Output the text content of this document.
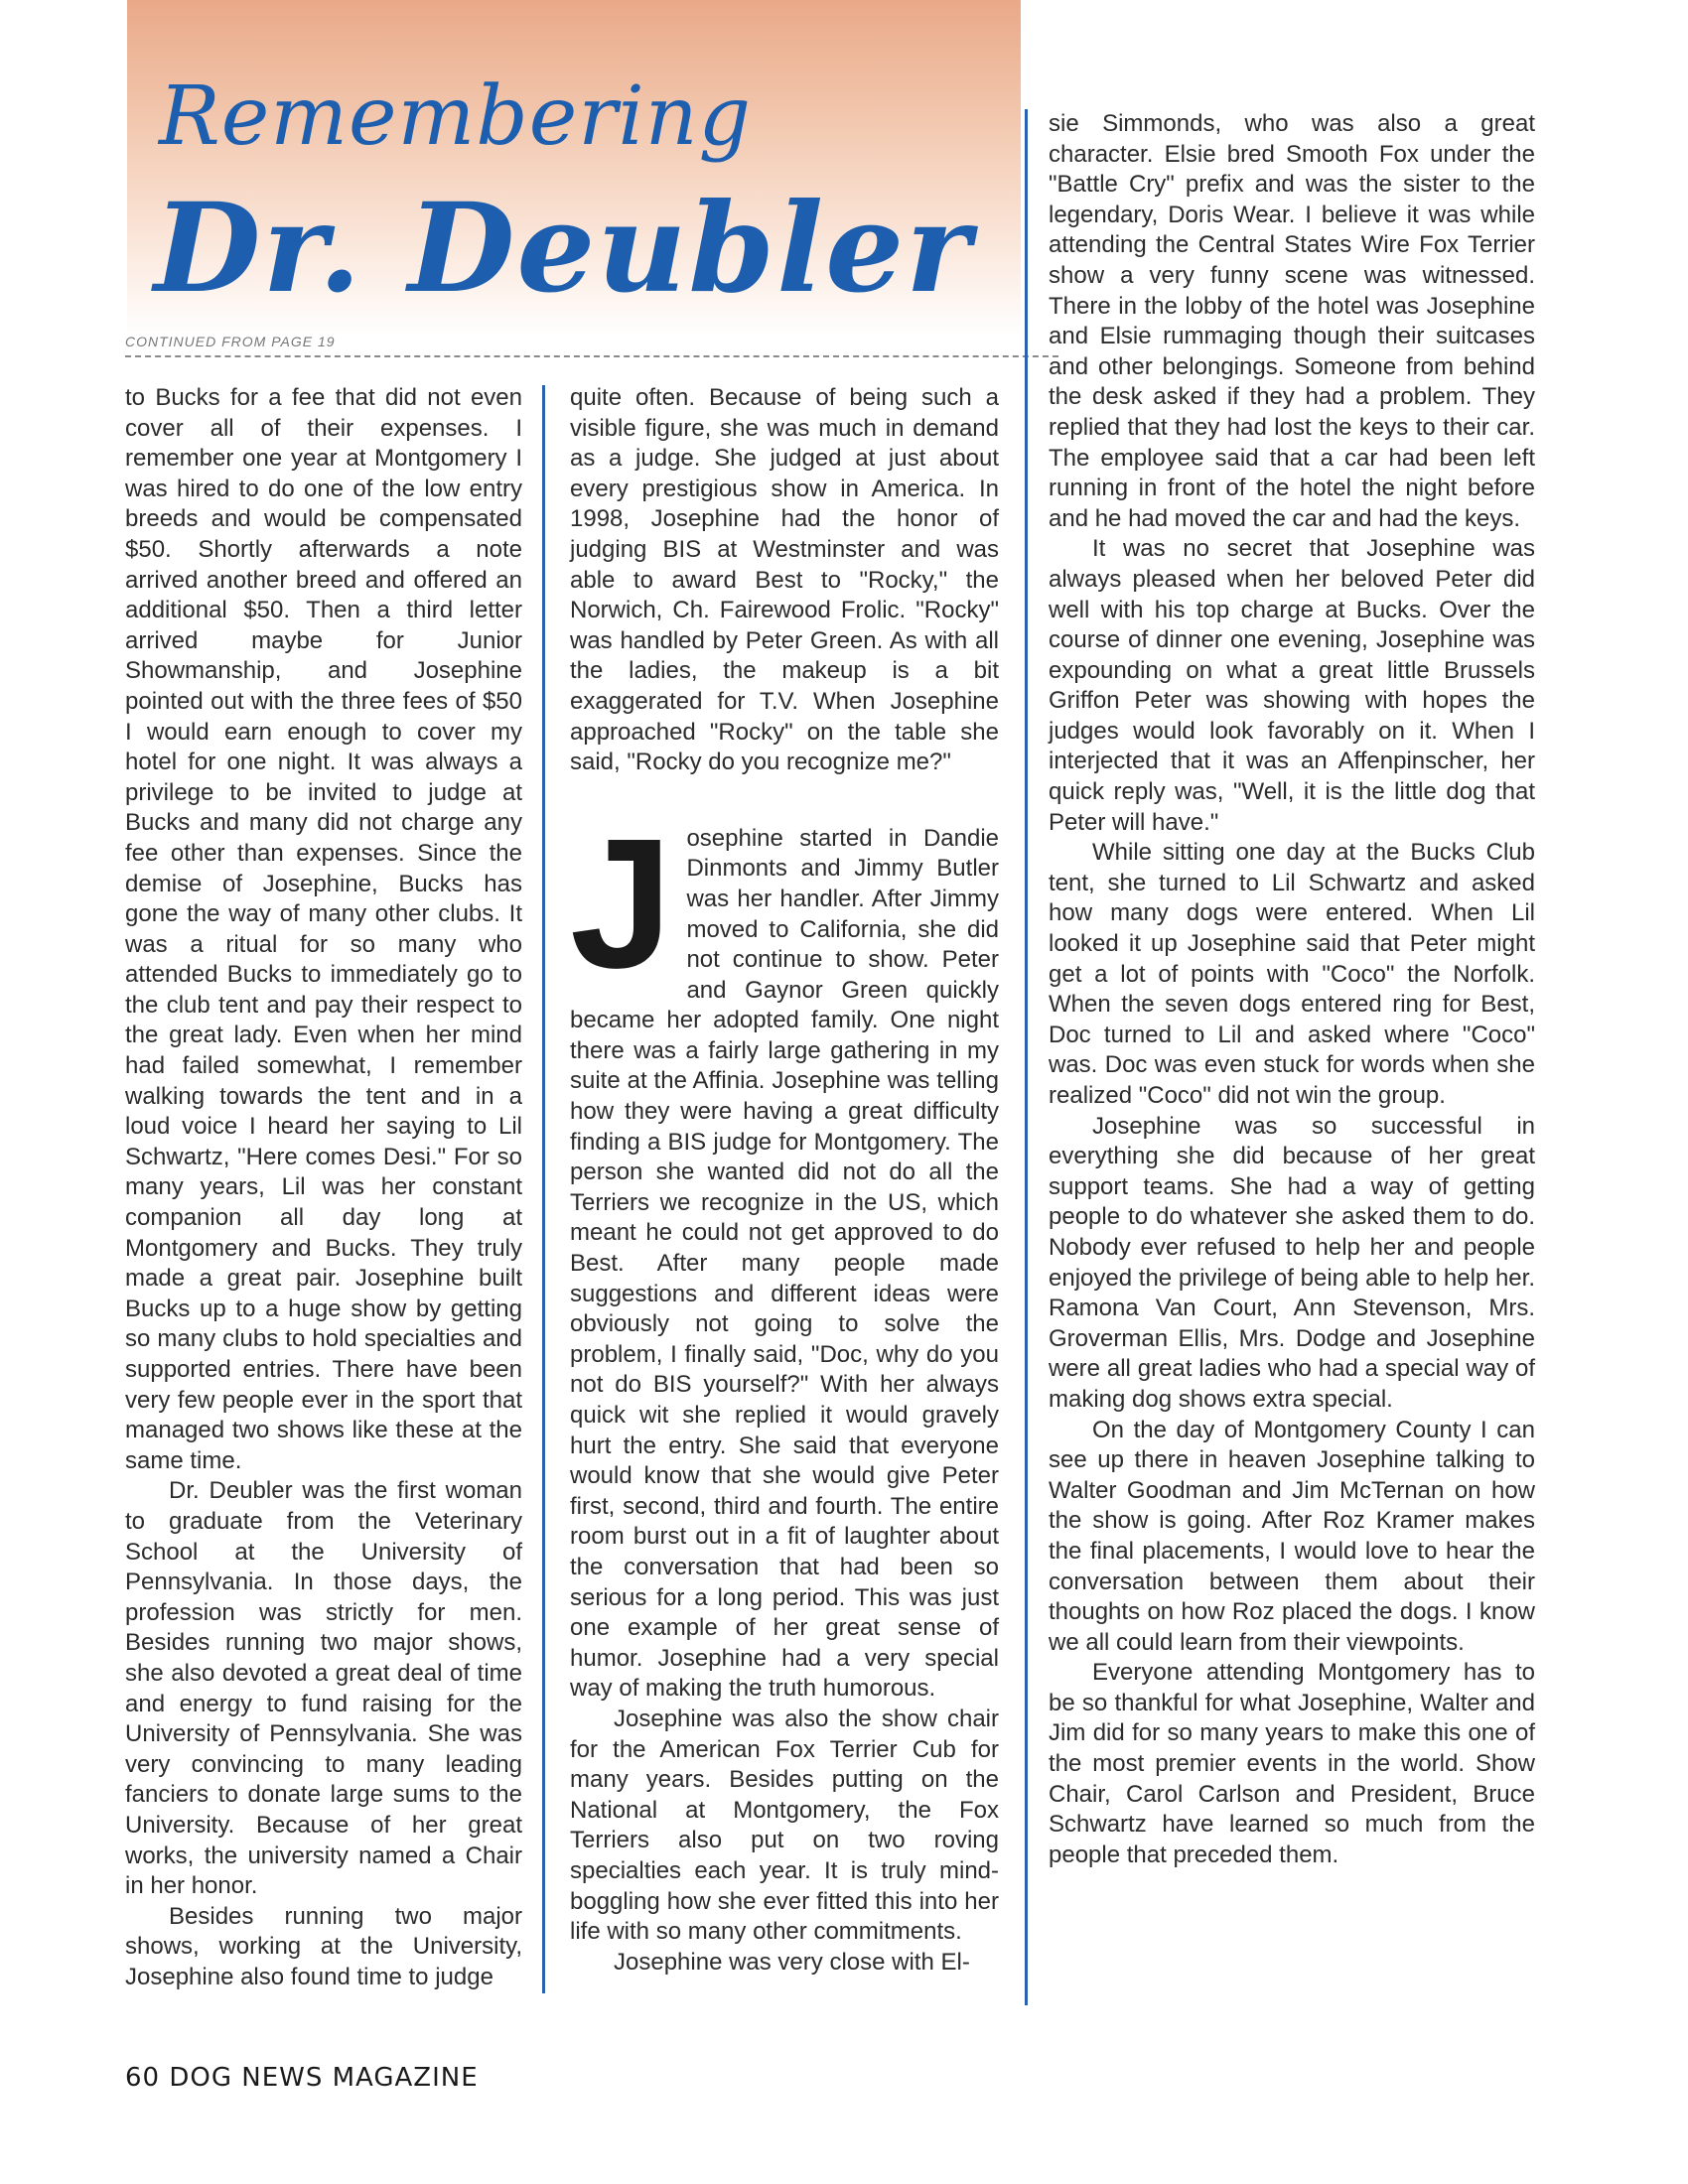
Remembering
Dr. Deubler
CONTINUED FROM PAGE 19

to Bucks for a fee that did not even cover all of their expenses. I remember one year at Montgomery I was hired to do one of the low entry breeds and would be compensated $50. Shortly afterwards a note arrived another breed and offered an additional $50. Then a third letter arrived maybe for Junior Showmanship, and Josephine pointed out with the three fees of $50 I would earn enough to cover my hotel for one night. It was always a privilege to be invited to judge at Bucks and many did not charge any fee other than expenses. Since the demise of Josephine, Bucks has gone the way of many other clubs. It was a ritual for so many who attended Bucks to immediately go to the club tent and pay their respect to the great lady. Even when her mind had failed somewhat, I remember walking towards the tent and in a loud voice I heard her saying to Lil Schwartz, "Here comes Desi." For so many years, Lil was her constant companion all day long at Montgomery and Bucks. They truly made a great pair. Josephine built Bucks up to a huge show by getting so many clubs to hold specialties and supported entries. There have been very few people ever in the sport that managed two shows like these at the same time.

Dr. Deubler was the first woman to graduate from the Veterinary School at the University of Pennsylvania. In those days, the profession was strictly for men. Besides running two major shows, she also devoted a great deal of time and energy to fund raising for the University of Pennsylvania. She was very convincing to many leading fanciers to donate large sums to the University. Because of her great works, the university named a Chair in her honor.

Besides running two major shows, working at the University, Josephine also found time to judge

quite often. Because of being such a visible figure, she was much in demand as a judge. She judged at just about every prestigious show in America. In 1998, Josephine had the honor of judging BIS at Westminster and was able to award Best to "Rocky," the Norwich, Ch. Fairewood Frolic. "Rocky" was handled by Peter Green. As with all the ladies, the makeup is a bit exaggerated for T.V. When Josephine approached "Rocky" on the table she said, "Rocky do you recognize me?"

Josephine started in Dandie Dinmonts and Jimmy Butler was her handler. After Jimmy moved to California, she did not continue to show. Peter and Gaynor Green quickly became her adopted family. One night there was a fairly large gathering in my suite at the Affinia. Josephine was telling how they were having a great difficulty finding a BIS judge for Montgomery. The person she wanted did not do all the Terriers we recognize in the US, which meant he could not get approved to do Best. After many people made suggestions and different ideas were obviously not going to solve the problem, I finally said, "Doc, why do you not do BIS yourself?" With her always quick wit she replied it would gravely hurt the entry. She said that everyone would know that she would give Peter first, second, third and fourth. The entire room burst out in a fit of laughter about the conversation that had been so serious for a long period. This was just one example of her great sense of humor. Josephine had a very special way of making the truth humorous.

Josephine was also the show chair for the American Fox Terrier Cub for many years. Besides putting on the National at Montgomery, the Fox Terriers also put on two roving specialties each year. It is truly mind-boggling how she ever fitted this into her life with so many other commitments.

Josephine was very close with El-

sie Simmonds, who was also a great character. Elsie bred Smooth Fox under the "Battle Cry" prefix and was the sister to the legendary, Doris Wear. I believe it was while attending the Central States Wire Fox Terrier show a very funny scene was witnessed. There in the lobby of the hotel was Josephine and Elsie rummaging though their suitcases and other belongings. Someone from behind the desk asked if they had a problem. They replied that they had lost the keys to their car. The employee said that a car had been left running in front of the hotel the night before and he had moved the car and had the keys.

It was no secret that Josephine was always pleased when her beloved Peter did well with his top charge at Bucks. Over the course of dinner one evening, Josephine was expounding on what a great little Brussels Griffon Peter was showing with hopes the judges would look favorably on it. When I interjected that it was an Affenpinscher, her quick reply was, "Well, it is the little dog that Peter will have."

While sitting one day at the Bucks Club tent, she turned to Lil Schwartz and asked how many dogs were entered. When Lil looked it up Josephine said that Peter might get a lot of points with "Coco" the Norfolk. When the seven dogs entered ring for Best, Doc turned to Lil and asked where "Coco" was. Doc was even stuck for words when she realized "Coco" did not win the group.

Josephine was so successful in everything she did because of her great support teams. She had a way of getting people to do whatever she asked them to do. Nobody ever refused to help her and people enjoyed the privilege of being able to help her. Ramona Van Court, Ann Stevenson, Mrs. Groverman Ellis, Mrs. Dodge and Josephine were all great ladies who had a special way of making dog shows extra special.

On the day of Montgomery County I can see up there in heaven Josephine talking to Walter Goodman and Jim McTernan on how the show is going. After Roz Kramer makes the final placements, I would love to hear the conversation between them about their thoughts on how Roz placed the dogs. I know we all could learn from their viewpoints.

Everyone attending Montgomery has to be so thankful for what Josephine, Walter and Jim did for so many years to make this one of the most premier events in the world. Show Chair, Carol Carlson and President, Bruce Schwartz have learned so much from the people that preceded them.

60 DOG NEWS MAGAZINE
